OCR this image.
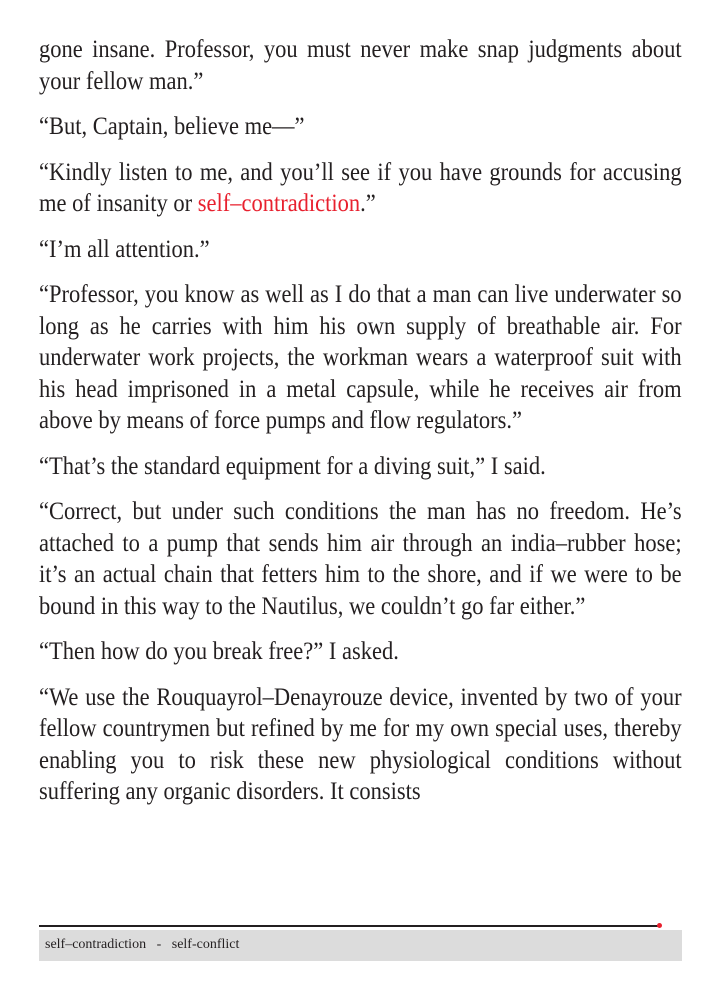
gone insane. Professor, you must never make snap judgments about your fellow man.”

“But, Captain, believe me—”

“Kindly listen to me, and you’ll see if you have grounds for accusing me of insanity or self–contradiction.”

“I’m all attention.”

“Professor, you know as well as I do that a man can live underwater so long as he carries with him his own supply of breathable air. For underwater work projects, the workman wears a waterproof suit with his head imprisoned in a metal capsule, while he receives air from above by means of force pumps and flow regulators.”

“That’s the standard equipment for a diving suit,” I said.

“Correct, but under such conditions the man has no freedom. He’s attached to a pump that sends him air through an india–rubber hose; it’s an actual chain that fetters him to the shore, and if we were to be bound in this way to the Nautilus, we couldn’t go far either.”

“Then how do you break free?” I asked.

“We use the Rouquayrol–Denayrouze device, invented by two of your fellow countrymen but refined by me for my own special uses, thereby enabling you to risk these new physiological conditions without suffering any organic disorders. It consists

self–contradiction   -   self-conflict
